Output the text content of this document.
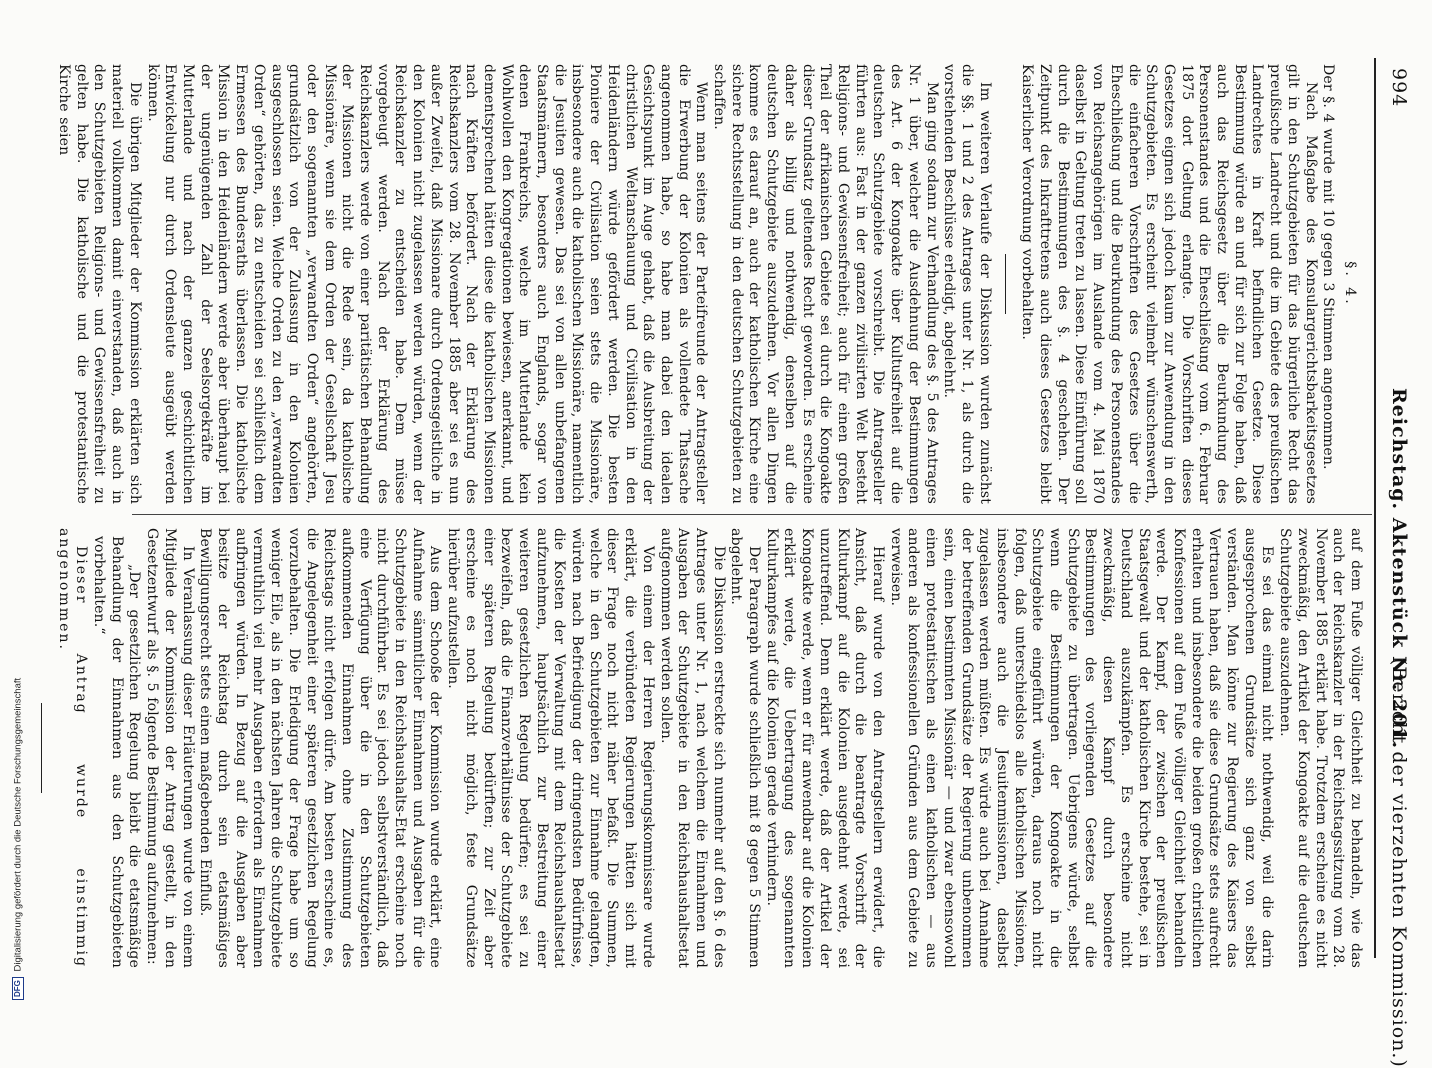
994
Reichstag. Aktenstück Nr. 201.
(Bericht der vierzehnten Kommission.)

§. 4.

Der §. 4 wurde mit 10 gegen 3 Stimmen angenommen.

Nach Maßgabe des Konsulargerichtsbarkeitsgesetzes gilt in den Schutzgebieten für das bürgerliche Recht das preußische Landrecht und die im Gebiete des preußischen Landrechtes in Kraft befindlichen Gesetze. Diese Bestimmung würde an und für sich zur Folge haben, daß auch das Reichsgesetz über die Beurkundung des Personenstandes und die Eheschließung vom 6. Februar 1875 dort Geltung erlangte. Die Vorschriften dieses Gesetzes eignen sich jedoch kaum zur Anwendung in den Schutzgebieten. Es erscheint vielmehr wünschenswerth, die einfacheren Vorschriften des Gesetzes über die Eheschließung und die Beurkundung des Personenstandes von Reichsangehörigen im Auslande vom 4. Mai 1870 daselbst in Geltung treten zu lassen. Diese Einführung soll durch die Bestimmungen des §. 4 geschehen. Der Zeitpunkt des Inkrafttretens auch dieses Gesetzes bleibt Kaiserlicher Verordnung vorbehalten.

Im weiteren Verlaufe der Diskussion wurden zunächst die §§. 1 und 2 des Antrages unter Nr. 1, als durch die vorstehenden Beschlüsse erledigt, abgelehnt.

Man ging sodann zur Verhandlung des §. 5 des Antrages Nr. 1 über, welcher die Ausdehnung der Bestimmungen des Art. 6 der Kongoakte über Kultusfreiheit auf die deutschen Schutzgebiete vorschreibt. Die Antragsteller führten aus: Fast in der ganzen zivilisirten Welt besteht Religions- und Gewissensfreiheit; auch für einen großen Theil der afrikanischen Gebiete sei durch die Kongoakte dieser Grundsatz geltendes Recht geworden. Es erscheine daher als billig und nothwendig, denselben auf die deutschen Schutzgebiete auszudehnen. Vor allen Dingen komme es darauf an, auch der katholischen Kirche eine sichere Rechtsstellung in den deutschen Schutzgebieten zu schaffen.

Wenn man seitens der Parteifreunde der Antragsteller die Erwerbung der Kolonien als vollendete Thatsache angenommen habe, so habe man dabei den idealen Gesichtspunkt im Auge gehabt, daß die Ausbreitung der christlichen Weltanschauung und Civilisation in den Heidenländern würde gefördert werden. Die besten Pioniere der Civilisation seien stets die Missionäre, insbesondere auch die katholischen Missionäre, namentlich die Jesuiten gewesen. Das sei von allen unbefangenen Staatsmännern, besonders auch Englands, sogar von denen Frankreichs, welche im Mutterlande kein Wohlwollen den Kongregationen bewiesen, anerkannt, und dementsprechend hätten diese die katholischen Missionen nach Kräften befördert. Nach der Erklärung des Reichskanzlers vom 28. November 1885 aber sei es nun außer Zweifel, daß Missionare durch Ordensgeistliche in den Kolonien nicht zugelassen werden würden, wenn der Reichskanzler zu entscheiden habe. Dem müsse vorgebeugt werden. Nach der Erklärung des Reichskanzlers werde von einer paritätischen Behandlung der Missionen nicht die Rede sein, da katholische Missionäre, wenn sie dem Orden der Gesellschaft Jesu oder den sogenannten „verwandten Orden“ angehörten, grundsätzlich von der Zulassung in den Kolonien ausgeschlossen seien. Welche Orden zu den „verwandten Orden“ gehörten, das zu entscheiden sei schließlich dem Ermessen des Bundesraths überlassen. Die katholische Mission in den Heidenländern werde aber überhaupt bei der ungenügenden Zahl der Seelsorgekräfte im Mutterlande und nach der ganzen geschichtlichen Entwickelung nur durch Ordensleute ausgeübt werden können.

Die übrigen Mitglieder der Kommission erklärten sich materiell vollkommen damit einverstanden, daß auch in den Schutzgebieten Religions- und Gewissensfreiheit zu gelten habe. Die katholische und die protestantische Kirche seien

auf dem Fuße völliger Gleichheit zu behandeln, wie das auch der Reichskanzler in der Reichstagssitzung vom 28. November 1885 erklärt habe. Trotzdem erscheine es nicht zweckmäßig, den Artikel der Kongoakte auf die deutschen Schutzgebiete auszudehnen.

Es sei das einmal nicht nothwendig, weil die darin ausgesprochenen Grundsätze sich ganz von selbst verständen. Man könne zur Regierung des Kaisers das Vertrauen haben, daß sie diese Grundsätze stets aufrecht erhalten und insbesondere die beiden großen christlichen Konfessionen auf dem Fuße völliger Gleichheit behandeln werde. Der Kampf, der zwischen der preußischen Staatsgewalt und der katholischen Kirche bestehe, sei in Deutschland auszukämpfen. Es erscheine nicht zweckmäßig, diesen Kampf durch besondere Bestimmungen des vorliegenden Gesetzes auf die Schutzgebiete zu übertragen. Uebrigens würde, selbst wenn die Bestimmungen der Kongoakte in die Schutzgebiete eingeführt würden, daraus noch nicht folgen, daß unterschiedslos alle katholischen Missionen, insbesondere auch die Jesuitenmissionen, daselbst zugelassen werden müßten. Es würde auch bei Annahme der betreffenden Grundsätze der Regierung unbenommen sein, einen bestimmten Missionär — und zwar ebensowohl einen protestantischen als einen katholischen — aus anderen als konfessionellen Gründen aus dem Gebiete zu verweisen.

Hierauf wurde von den Antragstellern erwidert, die Ansicht, daß durch die beantragte Vorschrift der Kulturkampf auf die Kolonien ausgedehnt werde, sei unzutreffend. Denn erklärt werde, daß der Artikel der Kongoakte werde, wenn er für anwendbar auf die Kolonien erklärt werde, die Uebertragung des sogenannten Kulturkampfes auf die Kolonien gerade verhindern.

Der Paragraph wurde schließlich mit 8 gegen 5 Stimmen abgelehnt.

Die Diskussion erstreckte sich nunmehr auf den §. 6 des Antrages unter Nr. 1, nach welchem die Einnahmen und Ausgaben der Schutzgebiete in den Reichshaushaltsetat aufgenommen werden sollen.

Von einem der Herren Regierungskommissare wurde erklärt, die verbündeten Regierungen hätten sich mit dieser Frage noch nicht näher befaßt. Die Summen, welche in den Schutzgebieten zur Einnahme gelangten, würden nach Befriedigung der dringendsten Bedürfnisse, die Kosten der Verwaltung mit dem Reichshaushaltsetat aufzunehmen, hauptsächlich zur Bestreitung einer weiteren gesetzlichen Regelung bedürfen; es sei zu bezweifeln, daß die Finanzverhältnisse der Schutzgebiete einer späteren Regelung bedürften; zur Zeit aber erscheine es noch nicht möglich, feste Grundsätze hierüber aufzustellen.

Aus dem Schooße der Kommission wurde erklärt, eine Aufnahme sämmtlicher Einnahmen und Ausgaben für die Schutzgebiete in den Reichshaushalts-Etat erscheine noch nicht durchführbar. Es sei jedoch selbstverständlich, daß eine Verfügung über die in den Schutzgebieten aufkommenden Einnahmen ohne Zustimmung des Reichstags nicht erfolgen dürfe. Am besten erscheine es, die Angelegenheit einer späteren gesetzlichen Regelung vorzubehalten. Die Erledigung der Frage habe um so weniger Eile, als in den nächsten Jahren die Schutzgebiete vermuthlich viel mehr Ausgaben erfordern als Einnahmen aufbringen würden. In Bezug auf die Ausgaben aber besitze der Reichstag durch sein etatsmäßiges Bewilligungsrecht stets einen maßgebenden Einfluß.

In Veranlassung dieser Erläuterungen wurde von einem Mitgliede der Kommission der Antrag gestellt, in den Gesetzentwurf als §. 5 folgende Bestimmung aufzunehmen:

„Der gesetzlichen Regelung bleibt die etatsmäßige Behandlung der Einnahmen aus den Schutzgebieten vorbehalten.“

Dieser Antrag wurde einstimmig angenommen.

DFG Digitalisierung gefördert durch die Deutsche Forschungsgemeinschaft
